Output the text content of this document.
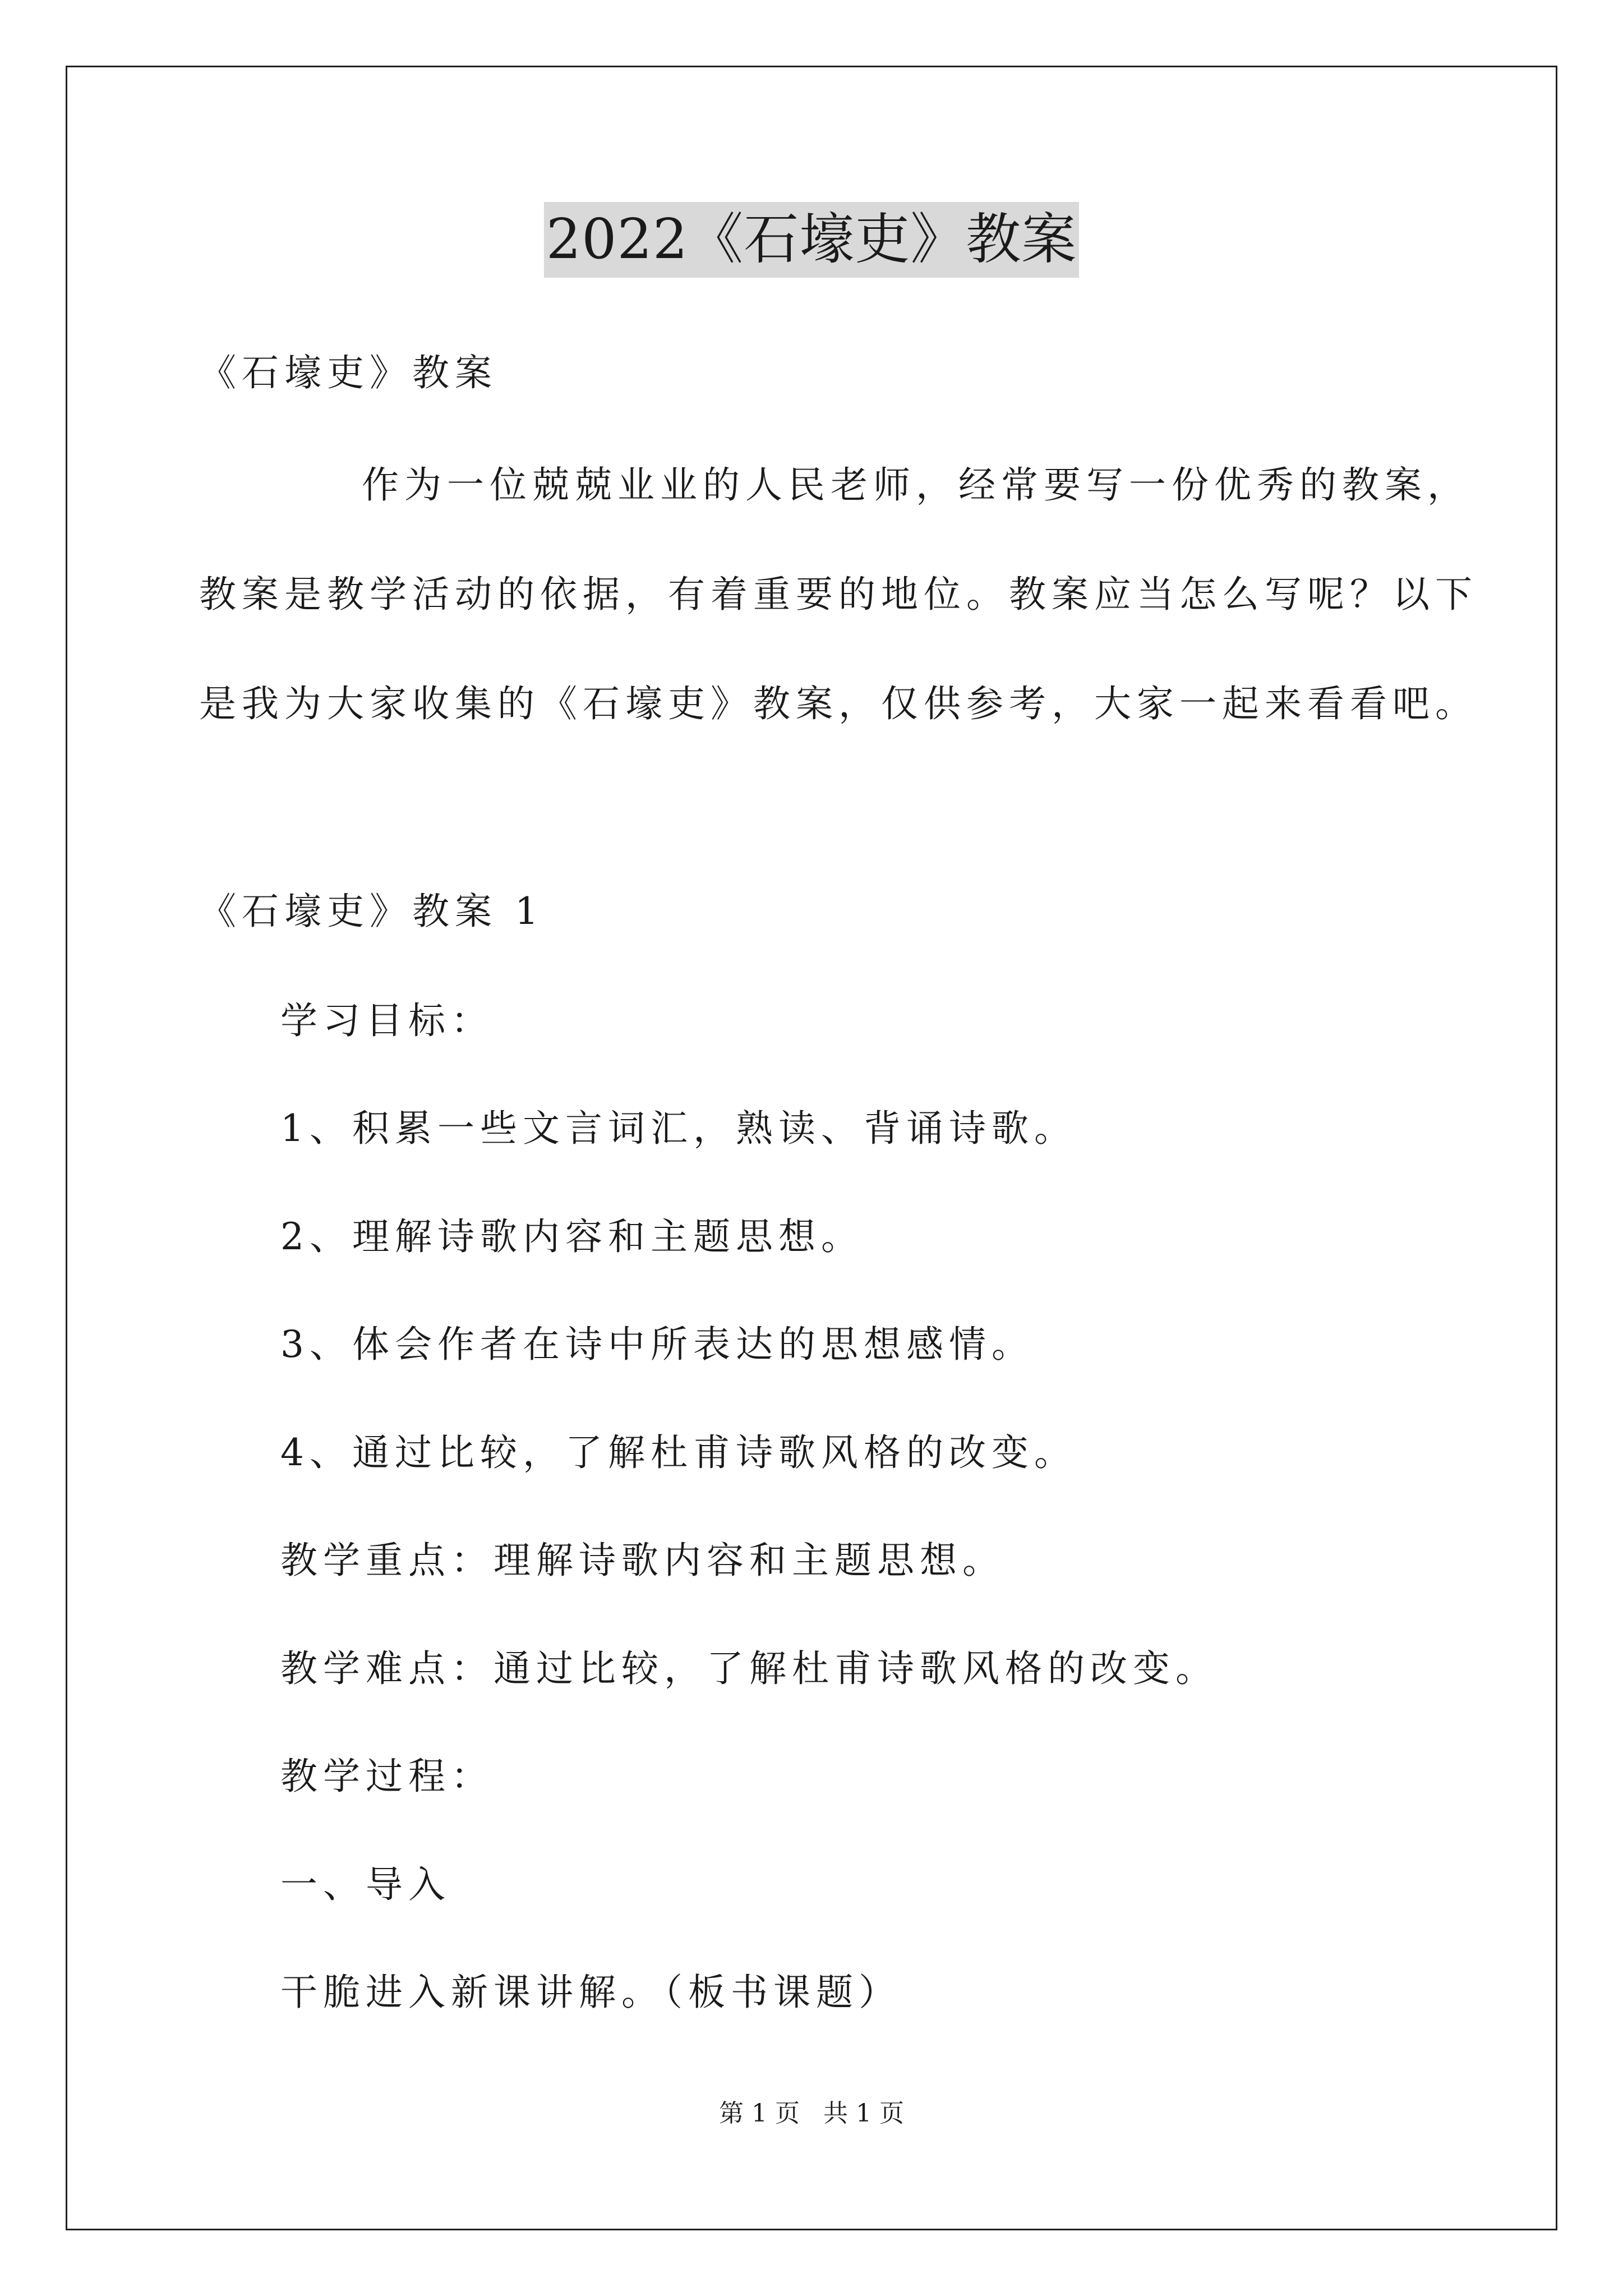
2022《石壕吏》教案
《石壕吏》教案
作为一位兢兢业业的人民老师，经常要写一份优秀的教案，
教案是教学活动的依据，有着重要的地位。教案应当怎么写呢？以下
是我为大家收集的《石壕吏》教案，仅供参考，大家一起来看看吧。
《石壕吏》教案 1
学习目标：
1、积累一些文言词汇，熟读、背诵诗歌。
2、理解诗歌内容和主题思想。
3、体会作者在诗中所表达的思想感情。
4、通过比较，了解杜甫诗歌风格的改变。
教学重点：理解诗歌内容和主题思想。
教学难点：通过比较，了解杜甫诗歌风格的改变。
教学过程：
一、导入
干脆进入新课讲解。（板书课题）
第 1 页   共 1 页
